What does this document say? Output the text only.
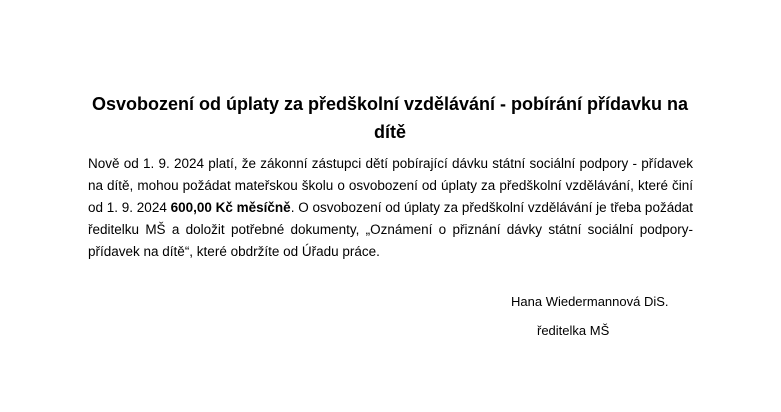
Osvobození od úplaty za předškolní vzdělávání - pobírání přídavku na dítě

Nově od 1. 9. 2024 platí, že zákonní zástupci dětí pobírající dávku státní sociální podpory - přídavek na dítě, mohou požádat mateřskou školu o osvobození od úplaty za předškolní vzdělávání, které činí od 1. 9. 2024 600,00 Kč měsíčně. O osvobození od úplaty za předškolní vzdělávání je třeba požádat ředitelku MŠ a doložit potřebné dokumenty, „Oznámení o přiznání dávky státní sociální podpory- přídavek na dítě“, které obdržíte od Úřadu práce.

Hana Wiedermannová DiS.
ředitelka MŠ
